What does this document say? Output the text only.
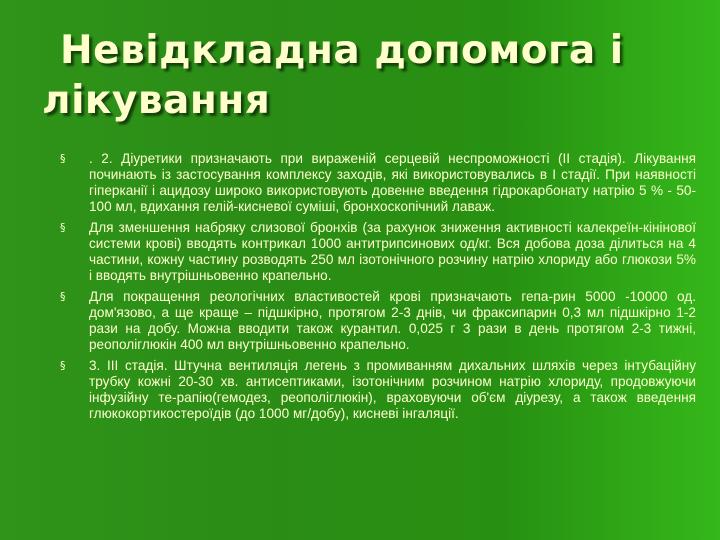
Невідкладна допомога і
лікування
§ . 2. Діуретики призначають при вираженій серцевій неспроможності (ІІ стадія). Лікування починають із застосування комплексу заходів, які використовувались в І стадії. При наявності гіперканії і ацидозу широко використовують довенне введення гідрокарбонату натрію 5 % - 50-100 мл, вдихання гелій-кисневої суміші, бронхоскопічний лаваж.
§ Для зменшення набряку слизової бронхів (за рахунок зниження активності калекреїн-кінінової системи крові) вводять контрикал 1000 антитрипсинових од/кг. Вся добова доза ділиться на 4 частини, кожну частину розводять 250 мл ізотонічного розчину натрію хлориду або глюкози 5% і вводять внутрішньовенно крапельно.
§ Для покращення реологічних властивостей крові призначають гепа-рин 5000 -10000 од. дом'язово, а ще краще – підшкірно, протягом 2-3 днів, чи фраксипарин 0,3 мл підшкірно 1-2 рази на добу. Можна вводити також курантил. 0,025 г 3 рази в день протягом 2-3 тижні, реополіглюкін 400 мл внутрішньовенно крапельно.
§ 3. ІІІ стадія. Штучна вентиляція легень з промиванням дихальних шляхів через інтубаційну трубку кожні 20-30 хв. антисептиками, ізотонічним розчином натрію хлориду, продовжуючи інфузійну те-рапію(гемодез, реополіглюкін), враховуючи об'єм діурезу, а також введення глюкокортикостероїдів (до 1000 мг/добу), кисневі інгаляції.
